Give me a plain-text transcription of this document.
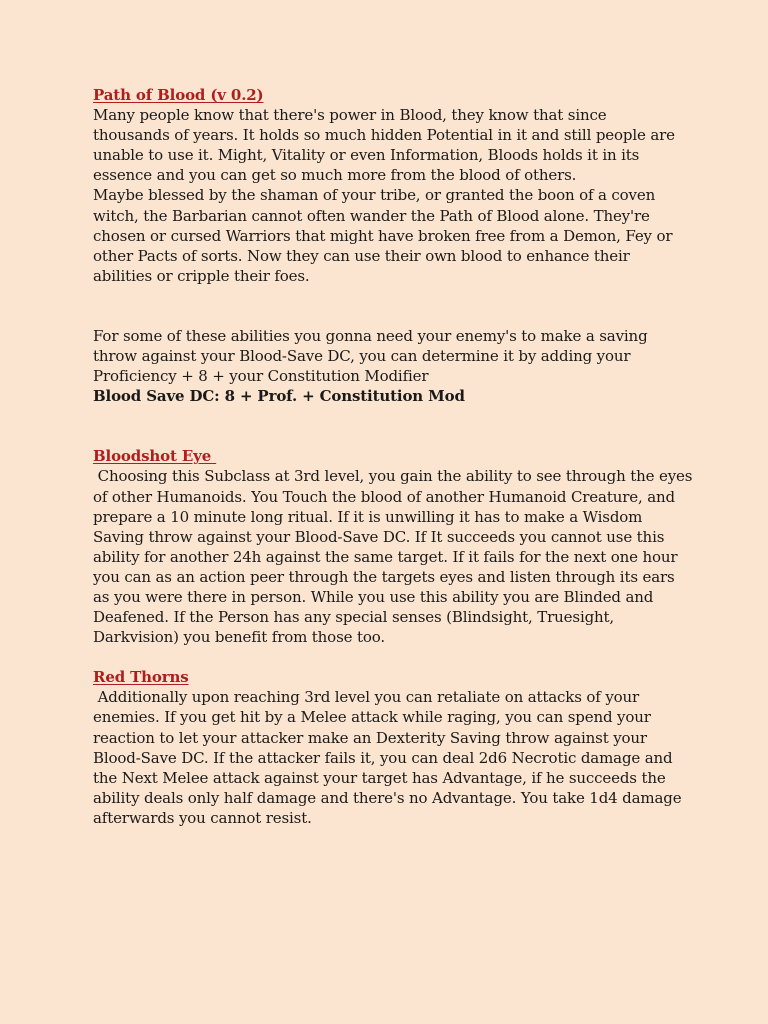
Path of Blood (v 0.2)
Many people know that there's power in Blood, they know that since
thousands of years. It holds so much hidden Potential in it and still people are
unable to use it. Might, Vitality or even Information, Bloods holds it in its
essence and you can get so much more from the blood of others.
Maybe blessed by the shaman of your tribe, or granted the boon of a coven
witch, the Barbarian cannot often wander the Path of Blood alone. They're
chosen or cursed Warriors that might have broken free from a Demon, Fey or
other Pacts of sorts. Now they can use their own blood to enhance their
abilities or cripple their foes.
For some of these abilities you gonna need your enemy's to make a saving
throw against your Blood-Save DC, you can determine it by adding your
Proficiency + 8 + your Constitution Modifier
Blood Save DC: 8 + Prof. + Constitution Mod
Bloodshot Eye
Choosing this Subclass at 3rd level, you gain the ability to see through the eyes
of other Humanoids. You Touch the blood of another Humanoid Creature, and
prepare a 10 minute long ritual. If it is unwilling it has to make a Wisdom
Saving throw against your Blood-Save DC. If It succeeds you cannot use this
ability for another 24h against the same target. If it fails for the next one hour
you can as an action peer through the targets eyes and listen through its ears
as you were there in person. While you use this ability you are Blinded and
Deafened. If the Person has any special senses (Blindsight, Truesight,
Darkvision) you benefit from those too.
Red Thorns
Additionally upon reaching 3rd level you can retaliate on attacks of your
enemies. If you get hit by a Melee attack while raging, you can spend your
reaction to let your attacker make an Dexterity Saving throw against your
Blood-Save DC. If the attacker fails it, you can deal 2d6 Necrotic damage and
the Next Melee attack against your target has Advantage, if he succeeds the
ability deals only half damage and there's no Advantage. You take 1d4 damage
afterwards you cannot resist.
